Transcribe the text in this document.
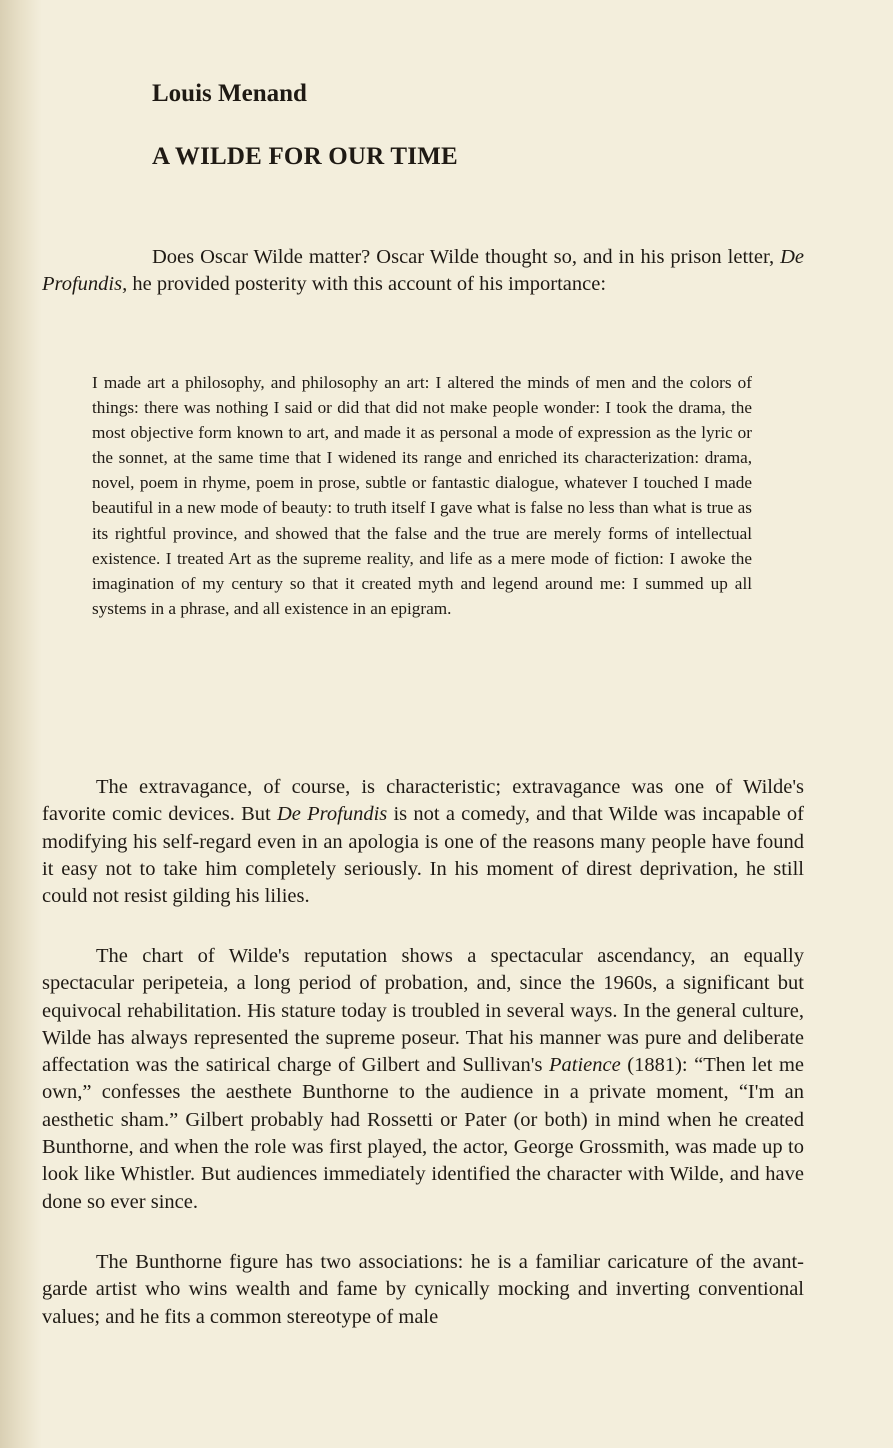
Louis Menand
A WILDE FOR OUR TIME

Does Oscar Wilde matter? Oscar Wilde thought so, and in his prison letter, De Profundis, he provided posterity with this account of his importance:

I made art a philosophy, and philosophy an art: I altered the minds of men and the colors of things: there was nothing I said or did that did not make people wonder: I took the drama, the most objective form known to art, and made it as personal a mode of expression as the lyric or the sonnet, at the same time that I widened its range and enriched its characterization: drama, novel, poem in rhyme, poem in prose, subtle or fantastic dialogue, whatever I touched I made beautiful in a new mode of beauty: to truth itself I gave what is false no less than what is true as its rightful province, and showed that the false and the true are merely forms of intellectual existence. I treated Art as the supreme reality, and life as a mere mode of fiction: I awoke the imagination of my century so that it created myth and legend around me: I summed up all systems in a phrase, and all existence in an epigram.

The extravagance, of course, is characteristic; extravagance was one of Wilde's favorite comic devices. But De Profundis is not a comedy, and that Wilde was incapable of modifying his self-regard even in an apologia is one of the reasons many people have found it easy not to take him completely seriously. In his moment of direst deprivation, he still could not resist gilding his lilies.

The chart of Wilde's reputation shows a spectacular ascendancy, an equally spectacular peripeteia, a long period of probation, and, since the 1960s, a significant but equivocal rehabilitation. His stature today is troubled in several ways. In the general culture, Wilde has always represented the supreme poseur. That his manner was pure and deliberate affectation was the satirical charge of Gilbert and Sullivan's Patience (1881): “Then let me own,” confesses the aesthete Bunthorne to the audience in a private moment, “I'm an aesthetic sham.” Gilbert probably had Rossetti or Pater (or both) in mind when he created Bunthorne, and when the role was first played, the actor, George Grossmith, was made up to look like Whistler. But audiences immediately identified the character with Wilde, and have done so ever since.

The Bunthorne figure has two associations: he is a familiar caricature of the avant-garde artist who wins wealth and fame by cynically mocking and inverting conventional values; and he fits a common stereotype of male
